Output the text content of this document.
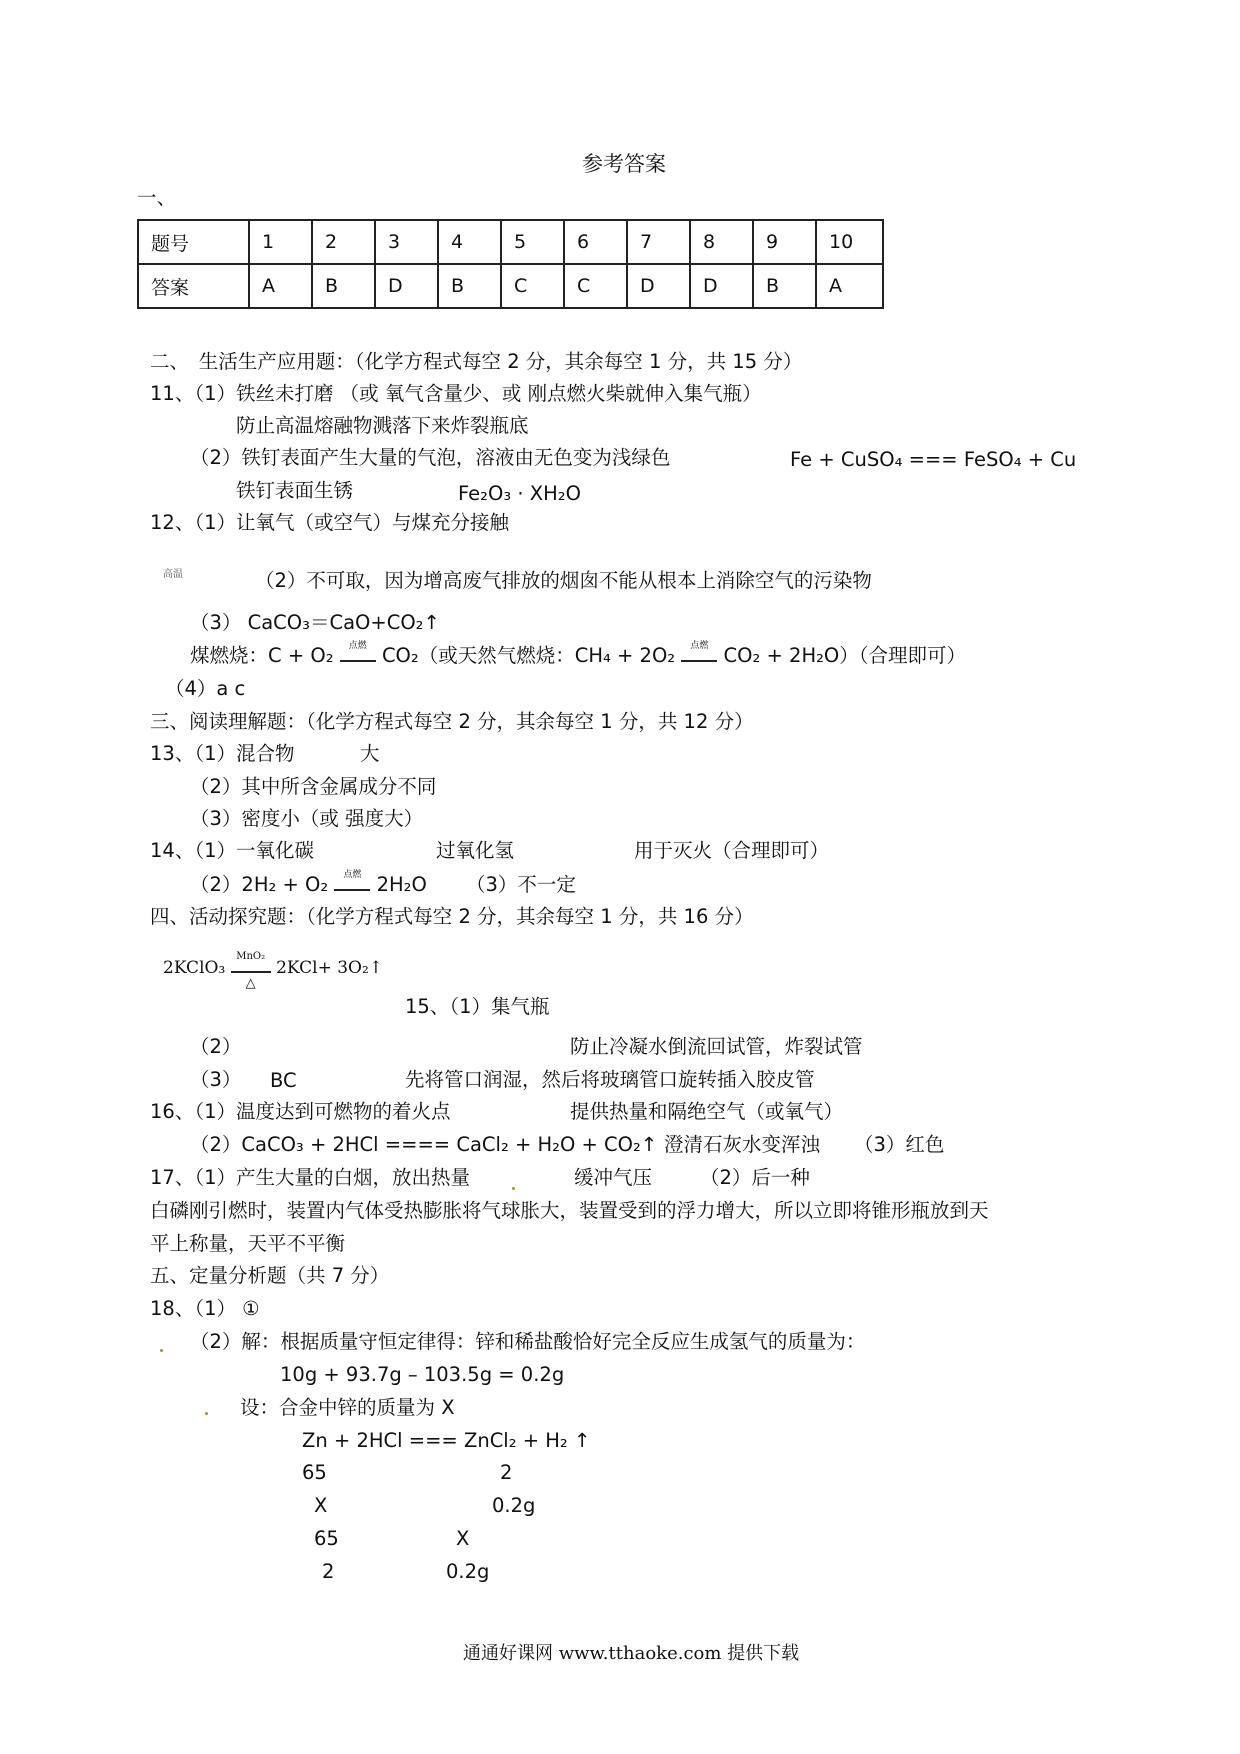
参考答案
一、
题号	1	2	3	4	5	6	7	8	9	10
答案	A	B	D	B	C	C	D	D	B	A
二、　生活生产应用题：（化学方程式每空 2 分，其余每空 1 分，共 15 分）
11、（1）铁丝未打磨 （或 氧气含量少、或 刚点燃火柴就伸入集气瓶）
防止高温熔融物溅落下来炸裂瓶底
（2）铁钉表面产生大量的气泡，溶液由无色变为浅绿色	Fe + CuSO₄ === FeSO₄ + Cu
铁钉表面生锈	Fe₂O₃ · XH₂O
12、（1）让氧气（或空气）与煤充分接触
高温	（2）不可取，因为增高废气排放的烟囱不能从根本上消除空气的污染物
（3） CaCO₃＝CaO+CO₂↑
煤燃烧：C + O₂	点燃 CO₂（或天然气燃烧：CH₄ + 2O₂	点燃 CO₂ + 2H₂O）（合理即可）
（4）a c
三、阅读理解题：（化学方程式每空 2 分，其余每空 1 分，共 12 分）
13、（1）混合物	大
（2）其中所含金属成分不同
（3）密度小（或 强度大）
14、（1）一氧化碳	过氧化氢	用于灭火（合理即可）
（2）2H₂ + O₂	点燃 2H₂O （3）不一定
四、活动探究题：（化学方程式每空 2 分，其余每空 1 分，共 16 分）
2KClO₃
MnO₂
△
2KCl+ 3O₂↑
15、（1）集气瓶
（2）	防止冷凝水倒流回试管，炸裂试管
（3） BC	先将管口润湿，然后将玻璃管口旋转插入胶皮管
16、（1）温度达到可燃物的着火点	提供热量和隔绝空气（或氧气）
（2）CaCO₃ + 2HCl ==== CaCl₂ + H₂O + CO₂↑ 澄清石灰水变浑浊 （3）红色
17、（1）产生大量的白烟，放出热量	缓冲气压 （2）后一种
白磷刚引燃时，装置内气体受热膨胀将气球胀大，装置受到的浮力增大，所以立即将锥形瓶放到天
平上称量，天平不平衡
五、定量分析题（共 7 分）
18、（1） ①
（2）解：根据质量守恒定律得：锌和稀盐酸恰好完全反应生成氢气的质量为：
10g + 93.7g – 103.5g = 0.2g
设：合金中锌的质量为 X
Zn + 2HCl === ZnCl₂ + H₂ ↑
65	2
X	0.2g
65	X
2	0.2g
通通好课网 www.tthaoke.com 提供下载
